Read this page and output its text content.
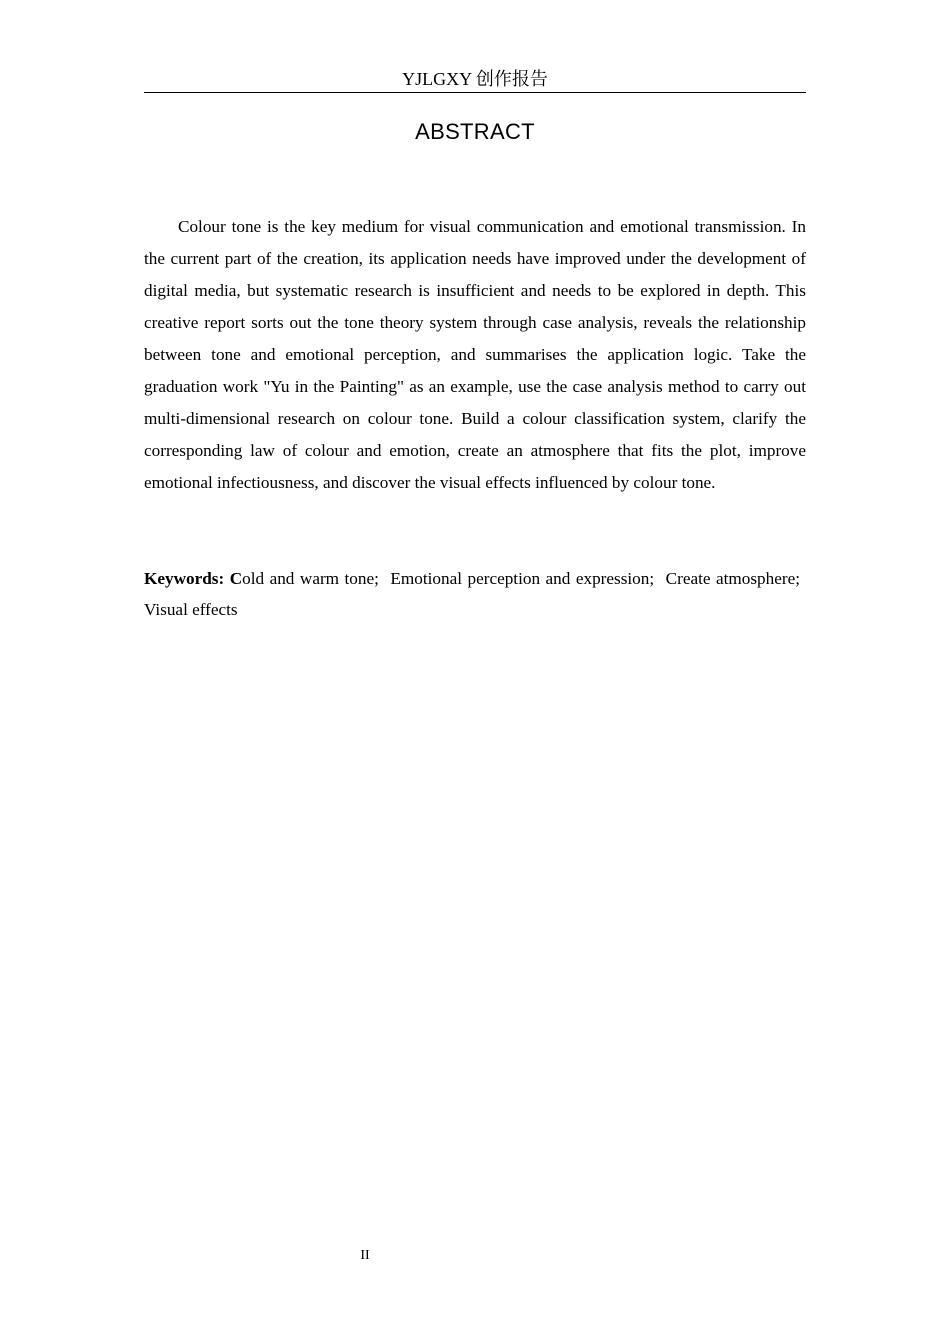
YJLGXY 创作报告
ABSTRACT

Colour tone is the key medium for visual communication and emotional transmission. In the current part of the creation, its application needs have improved under the development of digital media, but systematic research is insufficient and needs to be explored in depth. This creative report sorts out the tone theory system through case analysis, reveals the relationship between tone and emotional perception, and summarises the application logic. Take the graduation work "Yu in the Painting" as an example, use the case analysis method to carry out multi-dimensional research on colour tone. Build a colour classification system, clarify the corresponding law of colour and emotion, create an atmosphere that fits the plot, improve emotional infectiousness, and discover the visual effects influenced by colour tone.

Keywords: Cold and warm tone; Emotional perception and expression; Create atmosphere; Visual effects

II
